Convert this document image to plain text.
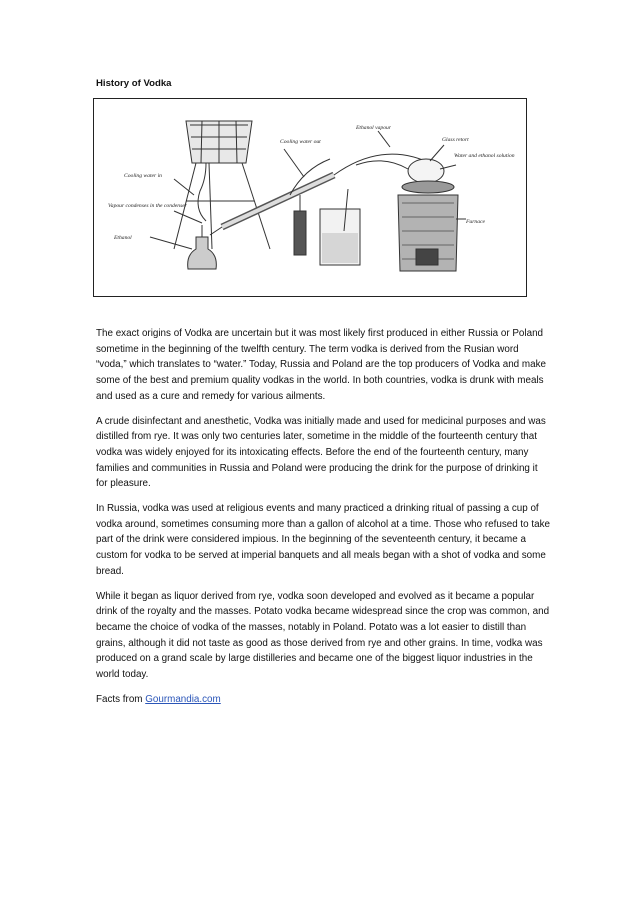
History of Vodka
Ethanol vapour
Cooling water out	Glass retort
Water and ethanol solution
Cooling water in
Vapour condenses in the condenser
Furnace
Ethanol

The exact origins of Vodka are uncertain but it was most likely first produced in either Russia or Poland sometime in the beginning of the twelfth century. The term vodka is derived from the Rusian word “voda,” which translates to “water.” Today, Russia and Poland are the top producers of Vodka and make some of the best and premium quality vodkas in the world. In both countries, vodka is drunk with meals and used as a cure and remedy for various ailments.

A crude disinfectant and anesthetic, Vodka was initially made and used for medicinal purposes and was distilled from rye. It was only two centuries later, sometime in the middle of the fourteenth century that vodka was widely enjoyed for its intoxicating effects. Before the end of the fourteenth century, many families and communities in Russia and Poland were producing the drink for the purpose of drinking it for pleasure.

In Russia, vodka was used at religious events and many practiced a drinking ritual of passing a cup of vodka around, sometimes consuming more than a gallon of alcohol at a time. Those who refused to take part of the drink were considered impious. In the beginning of the seventeenth century, it became a custom for vodka to be served at imperial banquets and all meals began with a shot of vodka and some bread.

While it began as liquor derived from rye, vodka soon developed and evolved as it became a popular drink of the royalty and the masses. Potato vodka became widespread since the crop was common, and became the choice of vodka of the masses, notably in Poland. Potato was a lot easier to distill than grains, although it did not taste as good as those derived from rye and other grains. In time, vodka was produced on a grand scale by large distilleries and became one of the biggest liquor industries in the world today.

Facts from Gourmandia.com
